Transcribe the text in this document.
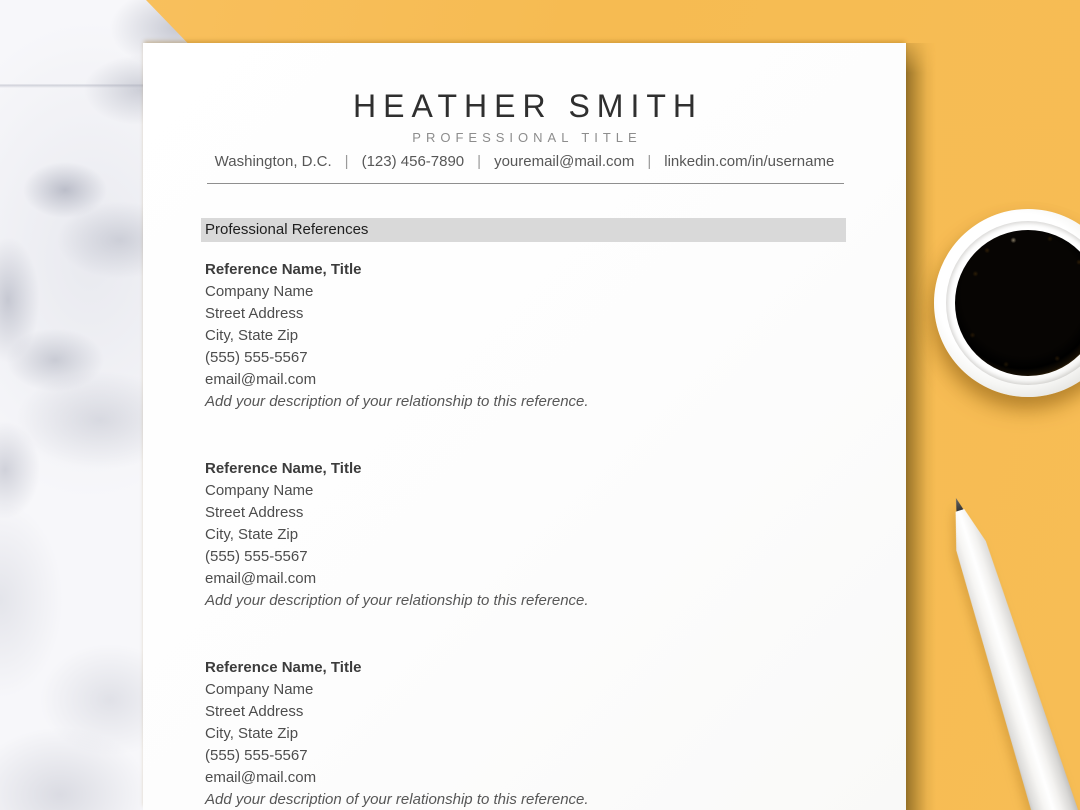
HEATHER SMITH
PROFESSIONAL TITLE
Washington, D.C. | (123) 456-7890 | youremail@mail.com | linkedin.com/in/username
Professional References

Reference Name, Title

Company Name

Street Address

City, State Zip

(555) 555-5567

email@mail.com

Add your description of your relationship to this reference.

Reference Name, Title

Company Name

Street Address

City, State Zip

(555) 555-5567

email@mail.com

Add your description of your relationship to this reference.

Reference Name, Title

Company Name

Street Address

City, State Zip

(555) 555-5567

email@mail.com

Add your description of your relationship to this reference.
